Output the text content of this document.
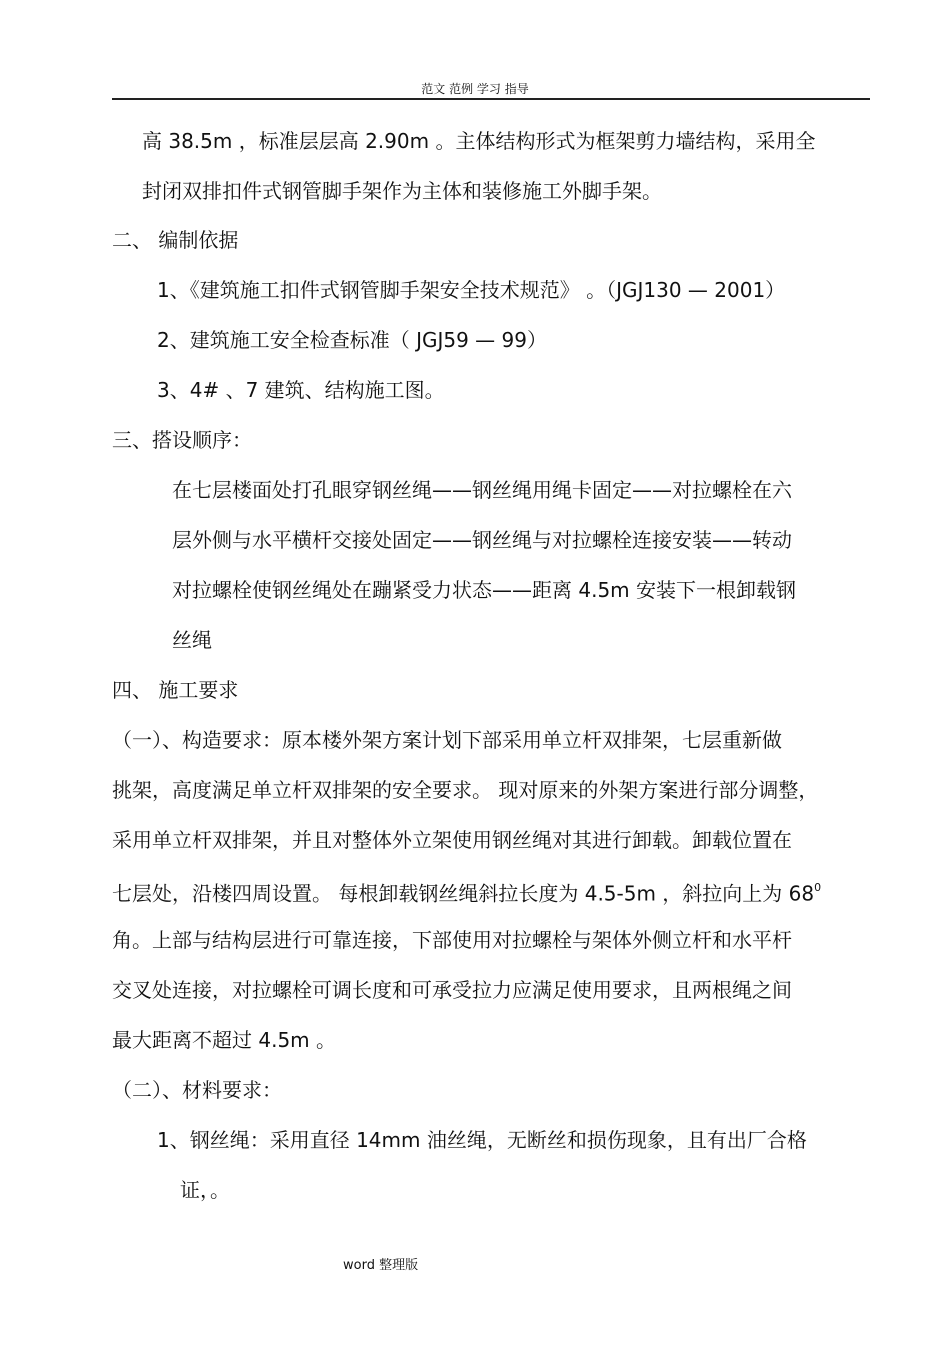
范文 范例 学习 指导
高 38.5m ，标准层层高 2.90m 。主体结构形式为框架剪力墙结构，采用全
封闭双排扣件式钢管脚手架作为主体和装修施工外脚手架。
二、 编制依据
1、《建筑施工扣件式钢管脚手架安全技术规范》 。（JGJ130 — 2001）
2、建筑施工安全检查标准（ JGJ59 — 99）
3、4# 、7 建筑、结构施工图。
三、搭设顺序：
在七层楼面处打孔眼穿钢丝绳——钢丝绳用绳卡固定——对拉螺栓在六
层外侧与水平横杆交接处固定——钢丝绳与对拉螺栓连接安装——转动
对拉螺栓使钢丝绳处在蹦紧受力状态——距离 4.5m 安装下一根卸载钢
丝绳
四、 施工要求
（一）、构造要求：原本楼外架方案计划下部采用单立杆双排架，七层重新做
挑架，高度满足单立杆双排架的安全要求。 现对原来的外架方案进行部分调整，
采用单立杆双排架，并且对整体外立架使用钢丝绳对其进行卸载。卸载位置在
七层处，沿楼四周设置。 每根卸载钢丝绳斜拉长度为 4.5-5m ，斜拉向上为 $68^0$
角。上部与结构层进行可靠连接，下部使用对拉螺栓与架体外侧立杆和水平杆
交叉处连接，对拉螺栓可调长度和可承受拉力应满足使用要求，且两根绳之间
最大距离不超过 4.5m 。
（二）、材料要求：
1、钢丝绳：采用直径 14mm 油丝绳，无断丝和损伤现象，且有出厂合格
证，。
word 整理版
